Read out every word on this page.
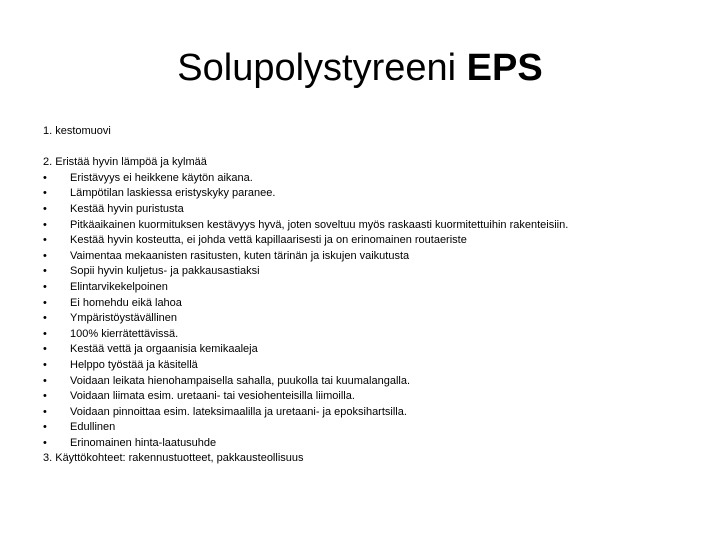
Solupolystyreeni EPS
1. kestomuovi
2. Eristää hyvin lämpöä ja kylmää
• Eristävyys ei heikkene käytön aikana.
• Lämpötilan laskiessa eristyskyky paranee.
• Kestää hyvin puristusta
• Pitkäaikainen kuormituksen kestävyys hyvä, joten soveltuu myös raskaasti kuormitettuihin rakenteisiin.
• Kestää hyvin kosteutta, ei johda vettä kapillaarisesti ja on erinomainen routaeriste
• Vaimentaa mekaanisten rasitusten, kuten tärinän ja iskujen vaikutusta
• Sopii hyvin kuljetus- ja pakkausastiaksi
• Elintarvikekelpoinen
• Ei homehdu eikä lahoa
• Ympäristöystävällinen
• 100% kierrätettävissä.
• Kestää vettä ja orgaanisia kemikaaleja
• Helppo työstää ja käsitellä
• Voidaan leikata hienohampaisella sahalla, puukolla tai kuumalangalla.
• Voidaan liimata esim. uretaani- tai vesiohenteisilla liimoilla.
• Voidaan pinnoittaa esim. lateksimaalilla ja uretaani- ja epoksihartsilla.
• Edullinen
• Erinomainen hinta-laatusuhde
3. Käyttökohteet: rakennustuotteet, pakkausteollisuus
